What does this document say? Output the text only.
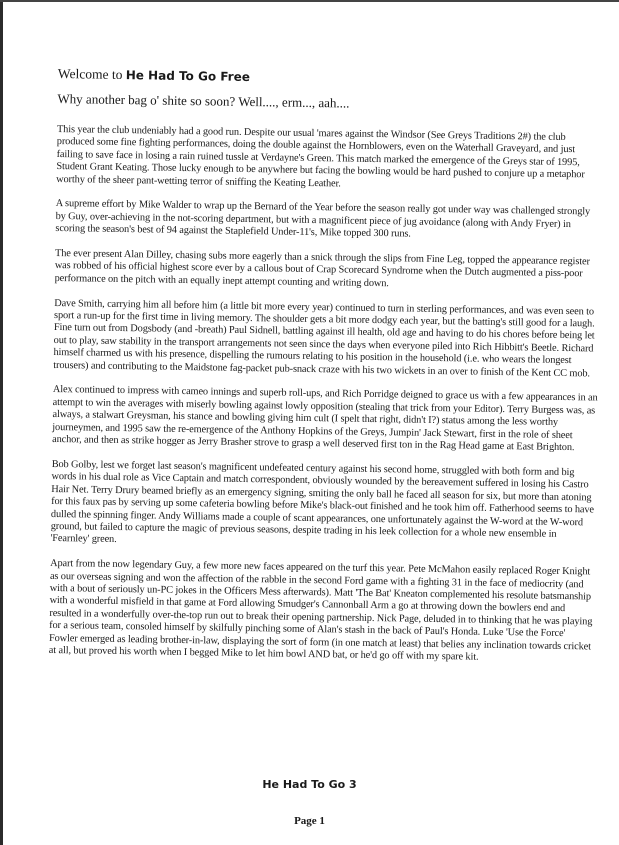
Welcome to He Had To Go Free
Why another bag o' shite so soon? Well...., erm..., aah....

This year the club undeniably had a good run. Despite our usual 'mares against the Windsor (See Greys Traditions 2#) the club produced some fine fighting performances, doing the double against the Hornblowers, even on the Waterhall Graveyard, and just failing to save face in losing a rain ruined tussle at Verdayne's Green. This match marked the emergence of the Greys star of 1995, Student Grant Keating. Those lucky enough to be anywhere but facing the bowling would be hard pushed to conjure up a metaphor worthy of the sheer pant-wetting terror of sniffing the Keating Leather.

A supreme effort by Mike Walder to wrap up the Bernard of the Year before the season really got under way was challenged strongly by Guy, over-achieving in the not-scoring department, but with a magnificent piece of jug avoidance (along with Andy Fryer) in scoring the season's best of 94 against the Staplefield Under-11's, Mike topped 300 runs.

The ever present Alan Dilley, chasing subs more eagerly than a snick through the slips from Fine Leg, topped the appearance register was robbed of his official highest score ever by a callous bout of Crap Scorecard Syndrome when the Dutch augmented a piss-poor performance on the pitch with an equally inept attempt counting and writing down.

Dave Smith, carrying him all before him (a little bit more every year) continued to turn in sterling performances, and was even seen to sport a run-up for the first time in living memory. The shoulder gets a bit more dodgy each year, but the batting's still good for a laugh. Fine turn out from Dogsbody (and -breath) Paul Sidnell, battling against ill health, old age and having to do his chores before being let out to play, saw stability in the transport arrangements not seen since the days when everyone piled into Rich Hibbitt's Beetle. Richard himself charmed us with his presence, dispelling the rumours relating to his position in the household (i.e. who wears the longest trousers) and contributing to the Maidstone fag-packet pub-snack craze with his two wickets in an over to finish of the Kent CC mob.

Alex continued to impress with cameo innings and superb roll-ups, and Rich Porridge deigned to grace us with a few appearances in an attempt to win the averages with miserly bowling against lowly opposition (stealing that trick from your Editor). Terry Burgess was, as always, a stalwart Greysman, his stance and bowling giving him cult (I spelt that right, didn't I?) status among the less worthy journeymen, and 1995 saw the re-emergence of the Anthony Hopkins of the Greys, Jumpin' Jack Stewart, first in the role of sheet anchor, and then as strike hogger as Jerry Brasher strove to grasp a well deserved first ton in the Rag Head game at East Brighton.

Bob Golby, lest we forget last season's magnificent undefeated century against his second home, struggled with both form and big words in his dual role as Vice Captain and match correspondent, obviously wounded by the bereavement suffered in losing his Castro Hair Net. Terry Drury beamed briefly as an emergency signing, smiting the only ball he faced all season for six, but more than atoning for this faux pas by serving up some cafeteria bowling before Mike's black-out finished and he took him off. Fatherhood seems to have dulled the spinning finger. Andy Williams made a couple of scant appearances, one unfortunately against the W-word at the W-word ground, but failed to capture the magic of previous seasons, despite trading in his leek collection for a whole new ensemble in 'Fearnley' green.

Apart from the now legendary Guy, a few more new faces appeared on the turf this year. Pete McMahon easily replaced Roger Knight as our overseas signing and won the affection of the rabble in the second Ford game with a fighting 31 in the face of mediocrity (and with a bout of seriously un-PC jokes in the Officers Mess afterwards). Matt 'The Bat' Kneaton complemented his resolute batsmanship with a wonderful misfield in that game at Ford allowing Smudger's Cannonball Arm a go at throwing down the bowlers end and resulted in a wonderfully over-the-top run out to break their opening partnership. Nick Page, deluded in to thinking that he was playing for a serious team, consoled himself by skilfully pinching some of Alan's stash in the back of Paul's Honda. Luke 'Use the Force' Fowler emerged as leading brother-in-law, displaying the sort of form (in one match at least) that belies any inclination towards cricket at all, but proved his worth when I begged Mike to let him bowl AND bat, or he'd go off with my spare kit.

He Had To Go 3
Page 1
